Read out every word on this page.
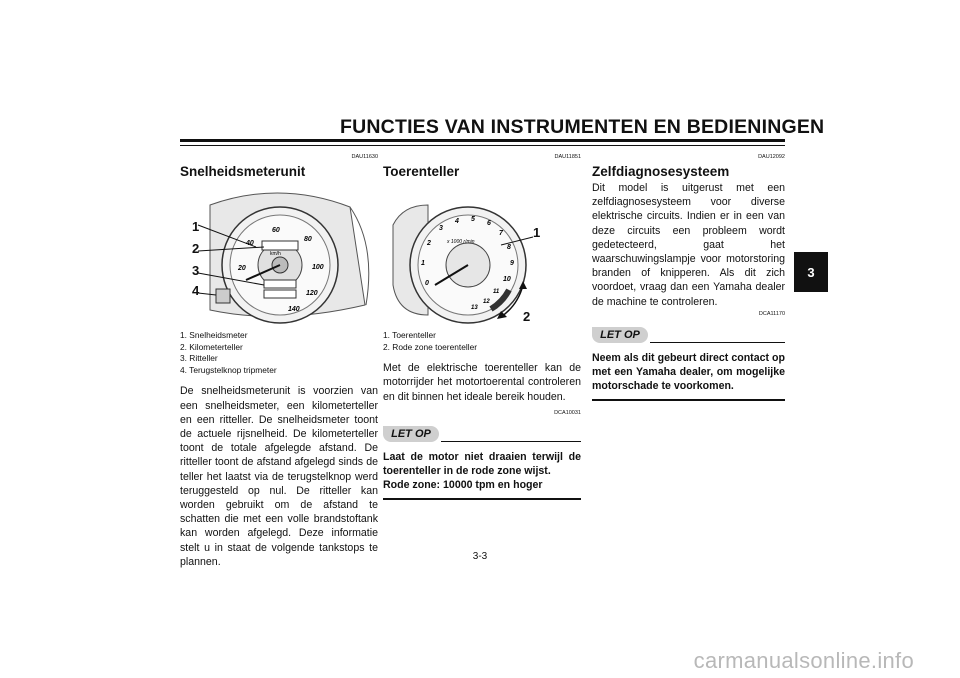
FUNCTIES VAN INSTRUMENTEN EN BEDIENINGEN
3
DAU11630
Snelheidsmeterunit
20
40
60
80
100
120
140
km/h
1
2
3
4
1. Snelheidsmeter
2. Kilometerteller
3. Ritteller
4. Terugstelknop tripmeter
De snelheidsmeterunit is voorzien van een snelheidsmeter, een kilometerteller en een ritteller. De snelheidsmeter toont de actuele rijsnelheid. De kilometerteller toont de totale afgelegde afstand. De ritteller toont de afstand afgelegd sinds de teller het laatst via de terugstelknop werd teruggesteld op nul. De ritteller kan worden gebruikt om de afstand te schatten die met een volle brandstoftank kan worden afgelegd. Deze informatie stelt u in staat de volgende tankstops te plannen.
DAU11851
Toerenteller
0
1
2
3
4 5
6
7
8
9
10
11
12
13
x 1000 r/min
1
2
1. Toerenteller
2. Rode zone toerenteller
Met de elektrische toerenteller kan de motorrijder het motortoerental controleren en dit binnen het ideale bereik houden.
DCA10031
LET OP
Laat de motor niet draaien terwijl de toerenteller in de rode zone wijst.
Rode zone: 10000 tpm en hoger
DAU12092
Zelfdiagnosesysteem
Dit model is uitgerust met een zelfdiagnosesysteem voor diverse elektrische circuits. Indien er in een van deze circuits een probleem wordt gedetecteerd, gaat het waarschuwingslampje voor motorstoring branden of knipperen. Als dit zich voordoet, vraag dan een Yamaha dealer de machine te controleren.
DCA11170
LET OP
Neem als dit gebeurt direct contact op met een Yamaha dealer, om mogelijke motorschade te voorkomen.
3-3
carmanualsonline.info
